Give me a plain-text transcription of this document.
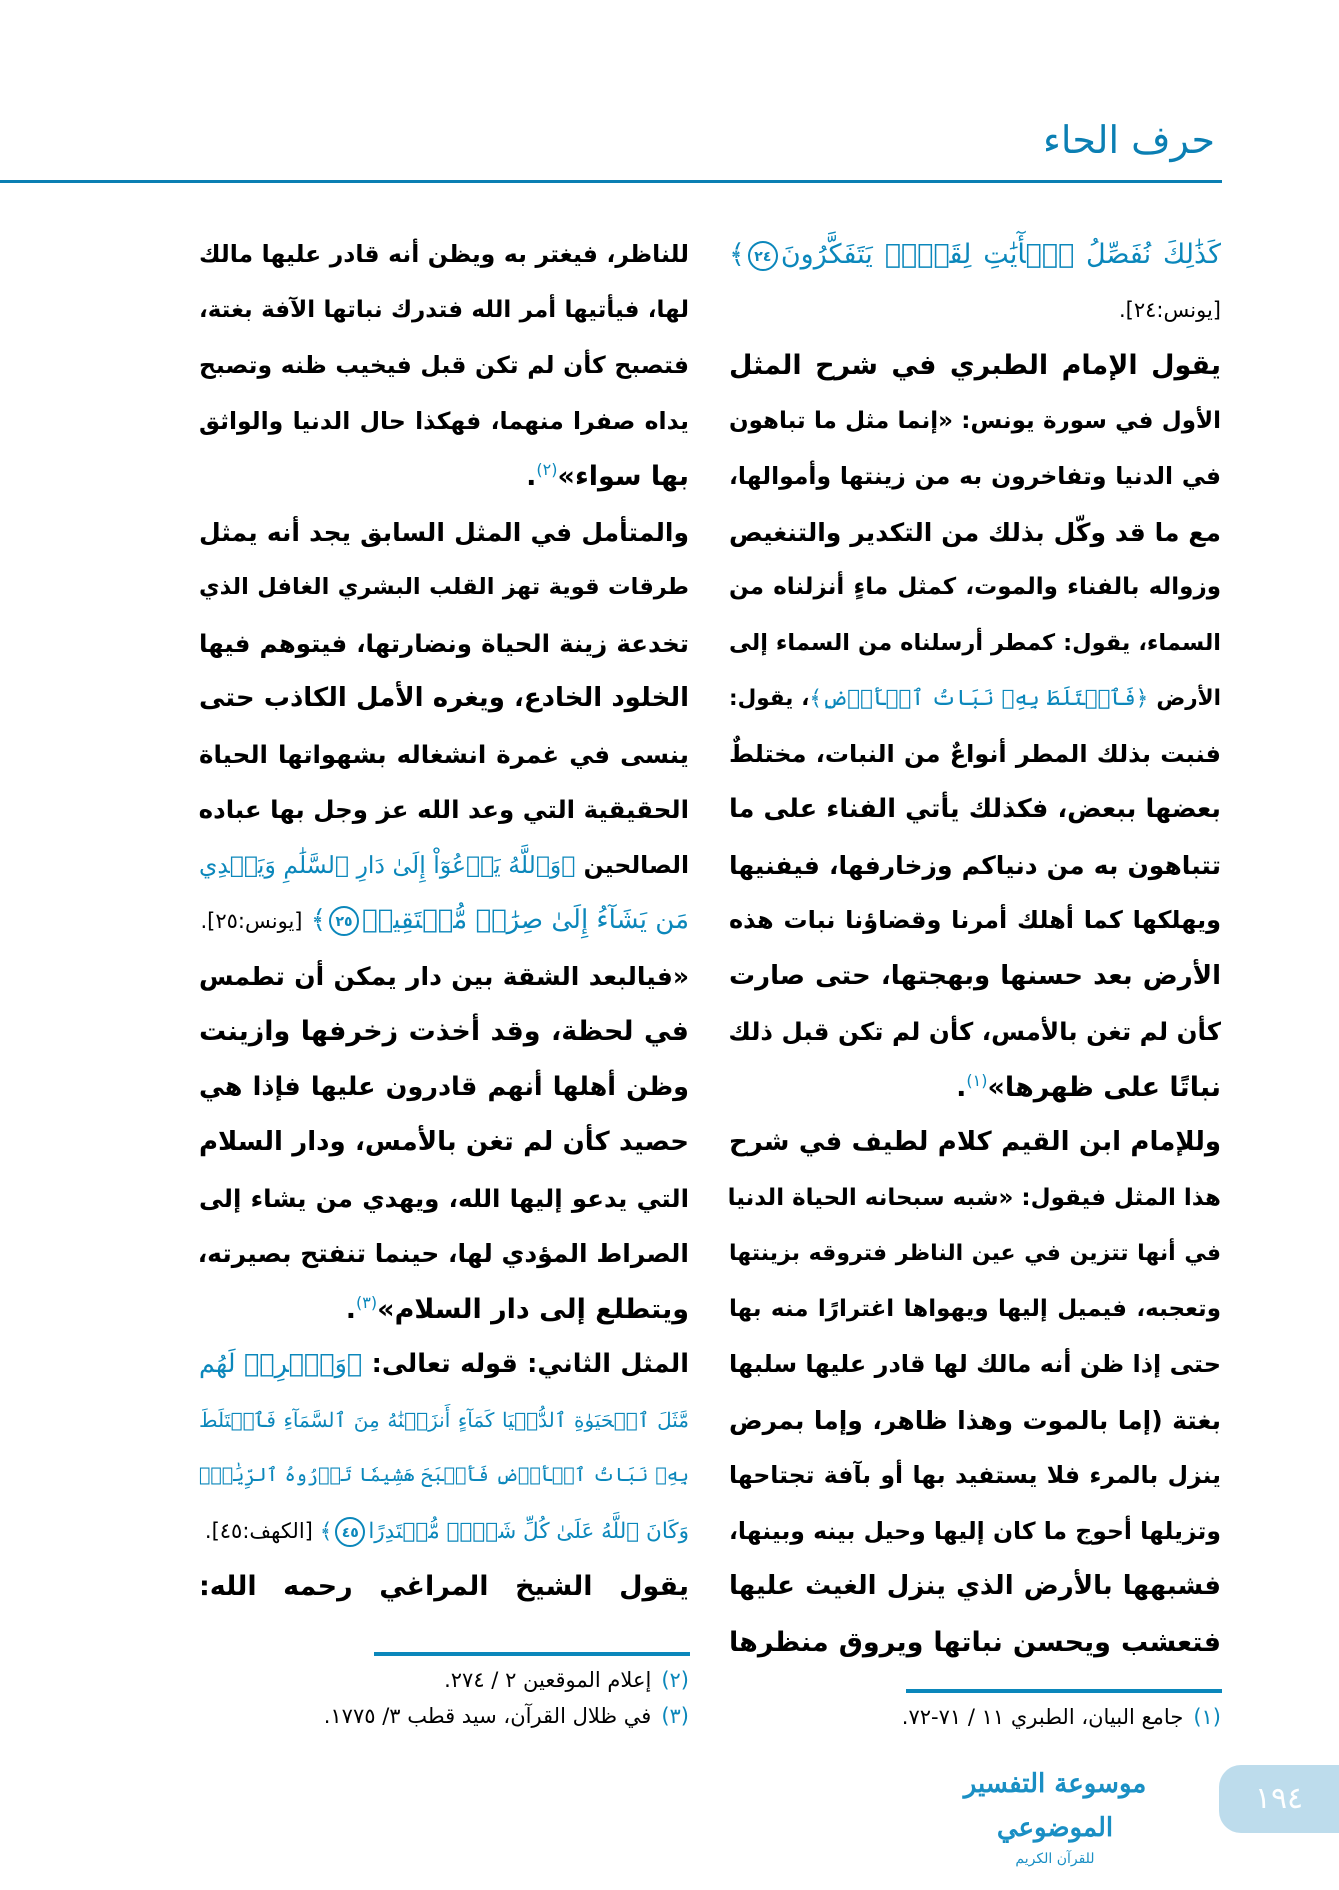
حرف الحاء
كَذَٰلِكَ نُفَصِّلُ ٱلۡأٓيَٰتِ لِقَوۡمٖ يَتَفَكَّرُونَ٢٤﴾
[يونس:٢٤].
يقول الإمام الطبري في شرح المثل
الأول في سورة يونس: «إنما مثل ما تباهون
في الدنيا وتفاخرون به من زينتها وأموالها،
مع ما قد وكّل بذلك من التكدير والتنغيص
وزواله بالفناء والموت، كمثل ماءٍ أنزلناه من
السماء، يقول: كمطر أرسلناه من السماء إلى
الأرض ﴿فَٱخۡتَلَطَ بِهِۦ نَبَاتُ ٱلۡأَرۡضِ﴾، يقول:
فنبت بذلك المطر أنواعٌ من النبات، مختلطٌ
بعضها ببعض، فكذلك يأتي الفناء على ما
تتباهون به من دنياكم وزخارفها، فيفنيها
ويهلكها كما أهلك أمرنا وقضاؤنا نبات هذه
الأرض بعد حسنها وبهجتها، حتى صارت
كأن لم تغن بالأمس، كأن لم تكن قبل ذلك
نباتًا على ظهرها»$^{(١)}$.
وللإمام ابن القيم كلام لطيف في شرح
هذا المثل فيقول: «شبه سبحانه الحياة الدنيا
في أنها تتزين في عين الناظر فتروقه بزينتها
وتعجبه، فيميل إليها ويهواها اغترارًا منه بها
حتى إذا ظن أنه مالك لها قادر عليها سلبها
بغتة (إما بالموت وهذا ظاهر، وإما بمرض
ينزل بالمرء فلا يستفيد بها أو بآفة تجتاحها
وتزيلها أحوج ما كان إليها وحيل بينه وبينها،
فشبهها بالأرض الذي ينزل الغيث عليها
فتعشب ويحسن نباتها ويروق منظرها
للناظر، فيغتر به ويظن أنه قادر عليها مالك
لها، فيأتيها أمر الله فتدرك نباتها الآفة بغتة،
فتصبح كأن لم تكن قبل فيخيب ظنه وتصبح
يداه صفرا منهما، فهكذا حال الدنيا والواثق
بها سواء»$^{(٢)}$.
والمتأمل في المثل السابق يجد أنه يمثل
طرقات قوية تهز القلب البشري الغافل الذي
تخدعة زينة الحياة ونضارتها، فيتوهم فيها
الخلود الخادع، ويغره الأمل الكاذب حتى
ينسى في غمرة انشغاله بشهواتها الحياة
الحقيقية التي وعد الله عز وجل بها عباده
الصالحين ﴿وَٱللَّهُ يَدۡعُوٓاْ إِلَىٰ دَارِ ٱلسَّلَٰمِ وَيَهۡدِي
مَن يَشَآءُ إِلَىٰ صِرَٰطٖ مُّسۡتَقِيمٖ٢٥﴾ [يونس:٢٥].
«فيالبعد الشقة بين دار يمكن أن تطمس
في لحظة، وقد أخذت زخرفها وازينت
وظن أهلها أنهم قادرون عليها فإذا هي
حصيد كأن لم تغن بالأمس، ودار السلام
التي يدعو إليها الله، ويهدي من يشاء إلى
الصراط المؤدي لها، حينما تنفتح بصيرته،
ويتطلع إلى دار السلام»$^{(٣)}$.
المثل الثاني: قوله تعالى: ﴿وَٱضۡرِبۡ لَهُم
مَّثَلَ ٱلۡحَيَوٰةِ ٱلدُّنۡيَا كَمَآءٍ أَنزَلۡنَٰهُ مِنَ ٱلسَّمَآءِ فَٱخۡتَلَطَ
بِهِۦ نَبَاتُ ٱلۡأَرۡضِ فَأَصۡبَحَ هَشِيمٗا تَذۡرُوهُ ٱلرِّيَٰحُۗ
وَكَانَ ٱللَّهُ عَلَىٰ كُلِّ شَيۡءٖ مُّقۡتَدِرًا٤٥﴾ [الكهف:٤٥].
يقول الشيخ المراغي رحمه الله:
(١)جامع البيان، الطبري ١١ / ٧١-٧٢.
(٢)إعلام الموقعين ٢ / ٢٧٤.
(٣)في ظلال القرآن، سيد قطب ٣/ ١٧٧٥.
موسوعة التفسير الموضوعي
للقرآن الكريم
١٩٤
